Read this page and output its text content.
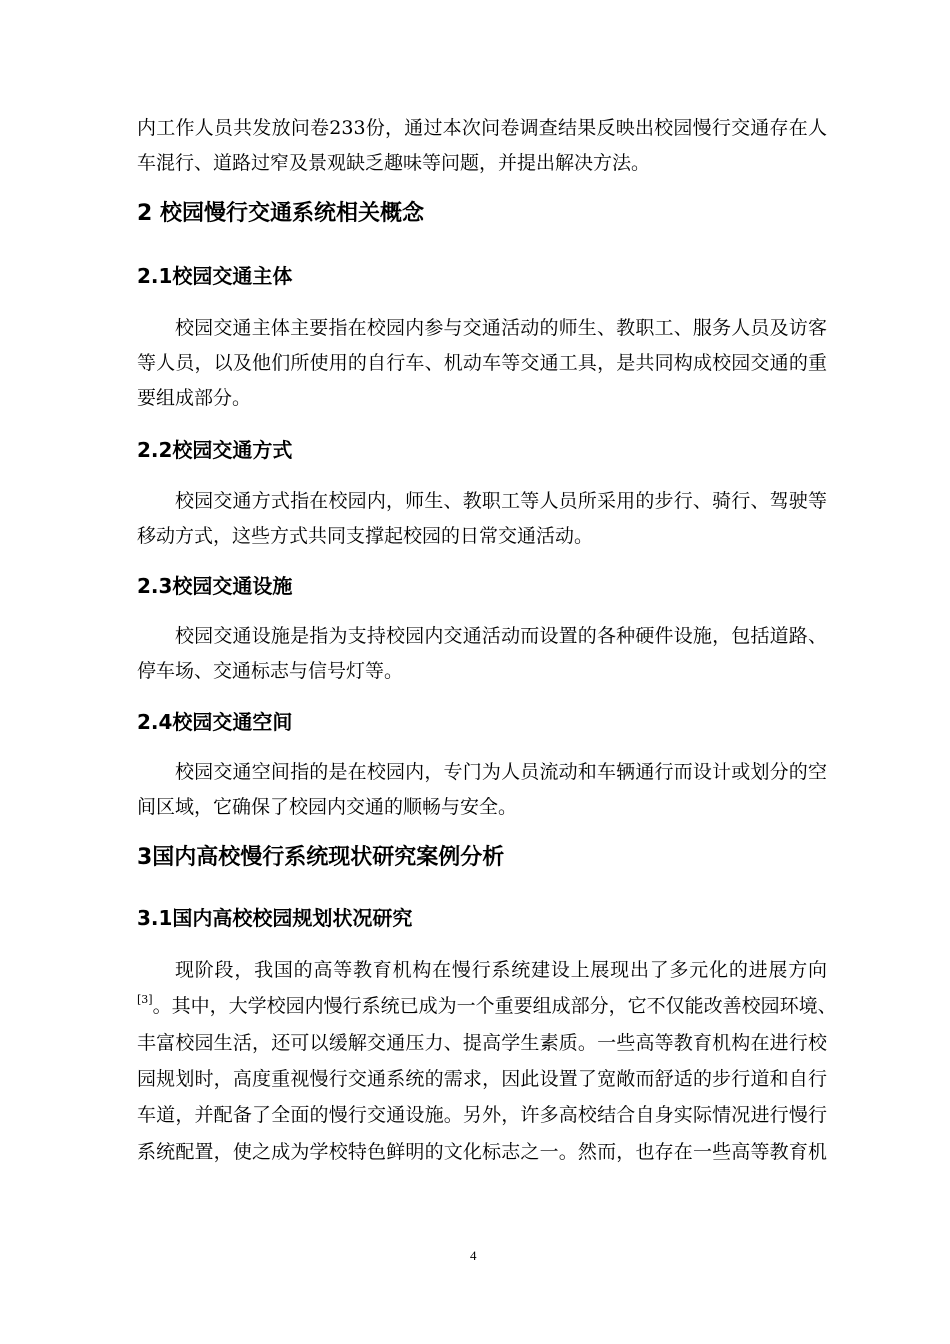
内工作人员共发放问卷233份，通过本次问卷调查结果反映出校园慢行交通存在人
车混行、道路过窄及景观缺乏趣味等问题，并提出解决方法。
2 校园慢行交通系统相关概念
2.1校园交通主体
校园交通主体主要指在校园内参与交通活动的师生、教职工、服务人员及访客
等人员，以及他们所使用的自行车、机动车等交通工具，是共同构成校园交通的重
要组成部分。
2.2校园交通方式
校园交通方式指在校园内，师生、教职工等人员所采用的步行、骑行、驾驶等
移动方式，这些方式共同支撑起校园的日常交通活动。
2.3校园交通设施
校园交通设施是指为支持校园内交通活动而设置的各种硬件设施，包括道路、
停车场、交通标志与信号灯等。
2.4校园交通空间
校园交通空间指的是在校园内，专门为人员流动和车辆通行而设计或划分的空
间区域，它确保了校园内交通的顺畅与安全。
3国内高校慢行系统现状研究案例分析
3.1国内高校校园规划状况研究
现阶段，我国的高等教育机构在慢行系统建设上展现出了多元化的进展方向
[3] 。其中，大学校园内慢行系统已成为一个重要组成部分，它不仅能改善校园环境、
丰富校园生活，还可以缓解交通压力、提高学生素质。一些高等教育机构在进行校
园规划时，高度重视慢行交通系统的需求，因此设置了宽敞而舒适的步行道和自行
车道，并配备了全面的慢行交通设施。另外，许多高校结合自身实际情况进行慢行
系统配置，使之成为学校特色鲜明的文化标志之一。然而，也存在一些高等教育机
4
